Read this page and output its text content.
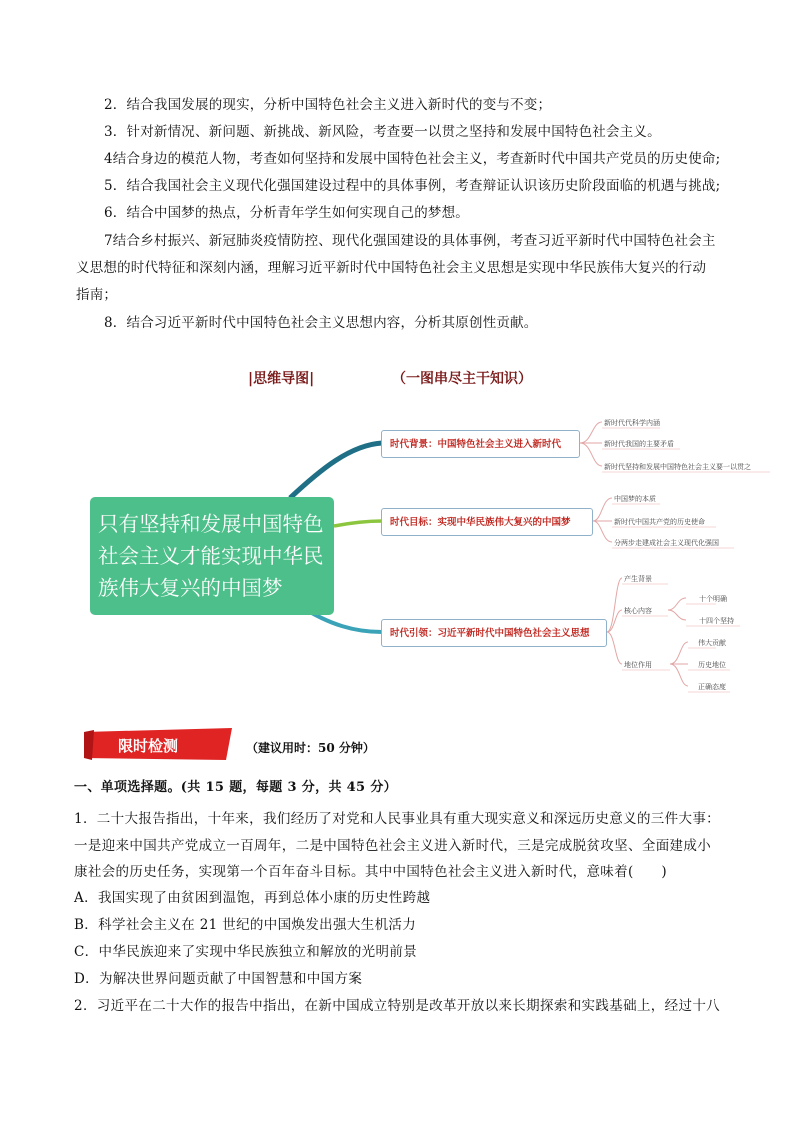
2．结合我国发展的现实，分析中国特色社会主义进入新时代的变与不变；
3．针对新情况、新问题、新挑战、新风险，考查要一以贯之坚持和发展中国特色社会主义。
4结合身边的模范人物，考查如何坚持和发展中国特色社会主义，考查新时代中国共产党员的历史使命;
5．结合我国社会主义现代化强国建设过程中的具体事例，考查辩证认识该历史阶段面临的机遇与挑战;
6．结合中国梦的热点，分析青年学生如何实现自己的梦想。
7结合乡村振兴、新冠肺炎疫情防控、现代化强国建设的具体事例，考查习近平新时代中国特色社会主
义思想的时代特征和深刻内涵，理解习近平新时代中国特色社会主义思想是实现中华民族伟大复兴的行动
指南；
8．结合习近平新时代中国特色社会主义思想内容，分析其原创性贡献。
|思维导图|	（一图串尽主干知识）
只有坚持和发展中国特色
社会主义才能实现中华民
族伟大复兴的中国梦
时代背景：中国特色社会主义进入新时代
时代目标：实现中华民族伟大复兴的中国梦
时代引领：习近平新时代中国特色社会主义思想
新时代代科学内涵
新时代我国的主要矛盾
新时代坚持和发展中国特色社会主义要一以贯之
中国梦的本质
新时代中国共产党的历史使命
分两步走建成社会主义现代化强国
产生背景
核心内容
地位作用
十个明确
十四个坚持
伟大贡献
历史地位
正确态度
限时检测	（建议用时：50 分钟）
一、单项选择题。(共 15 题，每题 3 分，共 45 分）
1．二十大报告指出，十年来，我们经历了对党和人民事业具有重大现实意义和深远历史意义的三件大事：
一是迎来中国共产党成立一百周年，二是中国特色社会主义进入新时代，三是完成脱贫攻坚、全面建成小
康社会的历史任务，实现第一个百年奋斗目标。其中中国特色社会主义进入新时代，意味着(　　)
A．我国实现了由贫困到温饱，再到总体小康的历史性跨越
B．科学社会主义在 21 世纪的中国焕发出强大生机活力
C．中华民族迎来了实现中华民族独立和解放的光明前景
D．为解决世界问题贡献了中国智慧和中国方案
2．习近平在二十大作的报告中指出，在新中国成立特别是改革开放以来长期探索和实践基础上，经过十八
